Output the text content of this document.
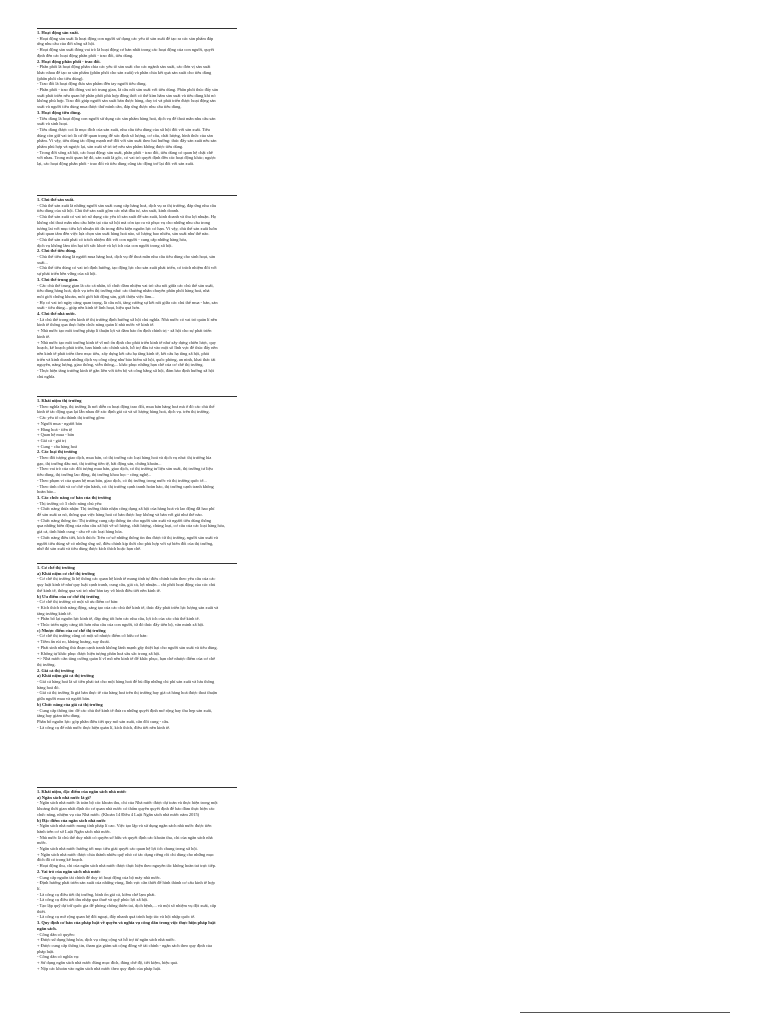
1. Hoạt động sản xuất.
- Hoạt động sản xuất là hoạt động con người sử dụng các yếu tố sản xuất để tạo ra các sản phẩm đáp
ứng nhu cầu của đời sống xã hội.
- Hoạt động sản xuất đóng vai trò là hoạt động cơ bản nhất trong các hoạt động của con người, quyết
định đến các hoạt động phân phối - trao đổi, tiêu dùng.
2. Hoạt động phân phối - trao đổi.
- Phân phối là hoạt động phân chia các yếu tố sản xuất cho các ngành sản xuất, các đơn vị sản xuất
khác nhau để tạo ra sản phẩm (phân phối cho sản xuất) và phân chia kết quả sản xuất cho tiêu dùng
(phân phối cho tiêu dùng).
- Trao đổi là hoạt động đưa sản phẩm đến tay người tiêu dùng.
- Phân phối - trao đổi đóng vai trò trung gian, là cầu nối sản xuất với tiêu dùng. Phân phối thúc đẩy sản
xuất phát triển nếu quan hệ phân phối phù hợp đồng thời có thể kìm hãm sản xuất và tiêu dùng khi nó
không phù hợp. Trao đổi giúp người sản xuất bán được hàng, duy trì và phát triển được hoạt động sản
xuất và người tiêu dùng mua được thứ mình cần, đáp ứng được nhu cầu tiêu dùng.
3. Hoạt động tiêu dùng.
- Tiêu dùng là hoạt động con người sử dụng các sản phẩm hàng hoá, dịch vụ để thoả mãn nhu cầu sản
xuất và sinh hoạt.
- Tiêu dùng được coi là mục đích của sản xuất, nhu cầu tiêu dùng của xã hội đối với sản xuất. Tiêu
dùng còn giữ vai trò là cứ để quan trọng để xác định số lượng, cơ cấu, chất lượng, hình thức của sản
phẩm. Vì vậy, tiêu dùng tác động mạnh mẽ đối với sản xuất theo hai hướng: thúc đẩy sản xuất nếu sản
phẩm phù hợp và ngược lại, sản xuất sẽ trì trệ nếu sản phẩm không được tiêu dùng.
- Trong đời sống xã hội, các hoạt động: sản xuất, phân phối - trao đổi, tiêu dùng có quan hệ chặt chẽ
với nhau. Trong mối quan hệ đó, sản xuất là gốc, có vai trò quyết định đến các hoạt động khác; ngược
lại, các hoạt động phân phối - trao đổi và tiêu dùng cũng tác động trở lại đối với sản xuất.
1. Chủ thể sản xuất.
- Chủ thể sản xuất là những người sản xuất cung cấp hàng hoá, dịch vụ ra thị trường, đáp ứng nhu cầu
tiêu dùng của xã hội. Chủ thể sản xuất gồm các nhà đầu tư, sản xuất, kinh doanh.
- Chủ thể sản xuất có vai trò sử dụng các yếu tố sản xuất để sản xuất, kinh doanh và thu lợi nhuận. Họ
không chỉ thoả mãn nhu cầu hiện tại của xã hội mà còn tạo ra và phục vụ cho những nhu cầu trong
tương lai với mục tiêu lợi nhuận tối đa trong điều kiện nguồn lực có hạn. Vì vậy, chủ thể sản xuất luôn
phải quan tâm đến việc lựa chọn sản xuất hàng hoá nào, số lượng bao nhiêu, sản xuất như thế nào.
- Chủ thể sản xuất phải có trách nhiệm đối với con người - cung cấp những hàng hóa,
dịch vụ không làm tổn hại tới sức khoẻ và lợi ích của con người trong xã hội.
2. Chủ thể tiêu dùng.
- Chủ thể tiêu dùng là người mua hàng hoá, dịch vụ để thoả mãn nhu cầu tiêu dùng cho sinh hoạt, sản
xuất...
- Chủ thể tiêu dùng có vai trò định hướng, tạo động lực cho sản xuất phát triển, có trách nhiệm đối với
sự phát triển bền vững của xã hội.
3. Chủ thể trung gian.
- Các chủ thể trung gian là các cá nhân, tổ chức đảm nhiệm vai trò cầu nối giữa các chủ thể sản xuất,
tiêu dùng hàng hoá, dịch vụ trên thị trường như: các thương nhân chuyên phân phối hàng hoá, nhà
môi giới chứng khoán, môi giới bất động sản, giới thiệu việc làm...
- Họ có vai trò ngày càng quan trọng, là cầu nối, tăng cường sự kết nối giữa các chủ thể mua - bán, sản
xuất - tiêu dùng... giúp nền kinh tế linh hoạt, hiệu quả hơn.
4. Chủ thể nhà nước.
- Là chủ thể trong nền kinh tế thị trường định hướng xã hội chủ nghĩa. Nhà nước có vai trò quản lí nền
kinh tế thông qua thực hiện chức năng quản lí nhà nước về kinh tế.
+ Nhà nước tạo môi trường pháp lí thuận lợi và đảm bảo ổn định chính trị - xã hội cho sự phát triển
kinh tế.
+ Nhà nước tạo môi trường kinh tế vĩ mô ổn định cho phát triển kinh tế như xây dựng chiến lược, quy
hoạch, kế hoạch phát triển, ban hành các chính sách, hỗ trợ đầu tư vào một số lĩnh vực để thúc đẩy nền
nền kinh tế phát triển theo mục tiêu, xây dựng kết cấu hạ tầng kinh tế, kết cấu hạ tầng xã hội, phát
triển và kinh doanh những dịch vụ công cộng như bảo hiểm xã hội, quốc phòng, an ninh, khai thác tài
nguyên, năng lượng, giao thông, viễn thông,... khắc phục những hạn chế của cơ chế thị trường.
- Thực hiện tăng trưởng kinh tế gắn liền với tiến bộ và công bằng xã hội, đảm bảo định hướng xã hội
chủ nghĩa.
1. Khái niệm thị trường
- Theo nghĩa hẹp, thị trường là nơi diễn ra hoạt động trao đổi, mua bán hàng hoá mà ở đó các chủ thể
kinh tế tác động qua lại lẫn nhau để xác định giá cả và số lượng hàng hoá, dịch vụ. trên thị trường.
- Các yếu tố cấu thành thị trường gồm:
+ Người mua - người bán
+ Hàng hoá - tiền tệ
+ Quan hệ mua - bán
+ Giá cả - giá trị
+ Cung - cầu hàng hoá
2. Các loại thị trường
- Theo đối tượng giao dịch, mua bán, có thị trường các loại hàng hoá và dịch vụ như: thị trường lúa
gạo, thị trường dầu mỏ, thị trường tiền tệ, bất động sản, chứng khoán...
- Theo vai trò của các đối tượng mua bán, giao dịch, có thị trường tư liệu sản xuất, thị trường tư liệu
tiêu dùng, thị trường lao động, thị trường khoa học - công nghệ...
- Theo phạm vi của quan hệ mua bán, giao dịch, có thị trường trong nước và thị trường quốc tế...
- Theo tính chất và cơ chế vận hành, có: thị trường cạnh tranh hoàn hảo, thị trường cạnh tranh không
hoàn hảo...
3. Các chức năng cơ bản của thị trường
- Thị trường có 3 chức năng chủ yếu:
+ Chức năng thừa nhận: Thị trường thừa nhận công dụng xã hội của hàng hoá và lao động đã hao phí
để sản xuất ra nó, thông qua việc hàng hoá có bán được hay không và bán với giá như thế nào.
+ Chức năng thông tin: Thị trường cung cấp thông tin cho người sản xuất và người tiêu dùng thông
qua những biến động của nhu cầu xã hội về số lượng, chất lượng, chủng loại, cơ cấu của các loại hàng hóa,
giá cả, tình hình cung - cầu về các loại hàng hóa.
+ Chức năng điều tiết, kích thích: Trên cơ sở những thông tin thu được từ thị trường, người sản xuất và
người tiêu dùng sẽ có những ứng xử, điều chỉnh kịp thời cho phù hợp với sự biến đổi của thị trường,
nhờ đó sản xuất và tiêu dùng được kích thích hoặc hạn chế.
1. Cơ chế thị trường
a) Khái niệm cơ chế thị trường
- Cơ chế thị trường là hệ thống các quan hệ kinh tế mang tính tự điều chỉnh tuân theo yêu cầu của các
quy luật kinh tế như quy luật cạnh tranh, cung cầu, giá cả, lợi nhuận... chi phối hoạt động của các chủ
thể kinh tế, thông qua vai trò như bàn tay vô hình điều tiết nền kinh tế.
b) Ưu điểm của cơ chế thị trường
- Cơ chế thị trường có một số ưu điểm cơ bản:
+ Kích thích tính năng động, sáng tạo của các chủ thể kinh tế, thúc đẩy phát triển lực lượng sản xuất và
tăng trưởng kinh tế.
+ Phân bổ lại nguồn lực kinh tế, đáp ứng tốt hơn các nhu cầu, lợi ích của các chủ thể kinh tế.
+ Thúc triển ngày càng tốt hơn nhu cầu của con người, từ đó thúc đẩy tiến bộ, văn minh xã hội.
c) Nhược điểm của cơ chế thị trường
- Cơ chế thị trường cũng có một số nhược điểm cố hữu cơ bản:
+ Tiềm ẩn rủi ro, khủng hoảng, suy thoái.
+ Phát sinh những thủ đoạn cạnh tranh không lành mạnh gây thiệt hại cho người sản xuất và tiêu dùng.
+ Không tự khắc phục được hiện tượng phân hoá sâu sắc trong xã hội.
=> Nhà nước cần tăng cường quản lí vĩ mô nền kinh tế để khắc phục, hạn chế nhược điểm của cơ chế
thị trường.
2. Giá cả thị trường
a) Khái niệm giá cả thị trường
- Giá cả hàng hoá là số tiền phải trả cho một hàng hoá để bù đắp những chi phí sản xuất và lưu thông
hàng hoá đó.
- Giá cả thị trường là giá bán thực tế của hàng hoá trên thị trường hay giá cả hàng hoá được thoả thuận
giữa người mua và người bán.
b) Chức năng của giá cả thị trường
- Cung cấp thông tin: để các chủ thể kinh tế đưa ra những quyết định mở rộng hay thu hẹp sản xuất,
tăng hay giảm tiêu dùng.
Phân bổ nguồn lực: góp phần điều tiết quy mô sản xuất, cân đối cung - cầu.
- Là công cụ để nhà nước thực hiện quản lí, kích thích, điều tiết nền kinh tế.
1. Khái niệm, đặc điểm của ngân sách nhà nước
a) Ngân sách nhà nước là gì?
- Ngân sách nhà nước là toàn bộ các khoản thu, chi của Nhà nước được dự toán và thực hiện trong một
khoảng thời gian nhất định do cơ quan nhà nước có thẩm quyền quyết định để bảo đảm thực hiện các
chức năng, nhiệm vụ của Nhà nước. (Khoản 14 Điều 4 Luật Ngân sách nhà nước năm 2015)
b) Đặc điểm của ngân sách nhà nước
- Ngân sách nhà nước mang tính pháp lí cao. Việc tạo lập và sử dụng ngân sách nhà nước được tiến
hành trên cơ sở Luật Ngân sách nhà nước.
- Nhà nước là chủ thể duy nhất có quyền sở hữu và quyết định các khoản thu, chi của ngân sách nhà
nước.
- Ngân sách nhà nước hướng tới mục tiêu giải quyết các quan hệ lợi ích chung trong xã hội.
+ Ngân sách nhà nước được chia thành nhiều quỹ nhỏ có tác dụng riêng rồi chi dùng cho những mục
đích đã có trong kế hoạch.
- Hoạt động thu, chi của ngân sách nhà nước được thực hiện theo nguyên tắc không hoàn trả trực tiếp.
2. Vai trò của ngân sách nhà nước
- Cung cấp nguồn tài chính để duy trì hoạt động của bộ máy nhà nước.
- Định hướng phát triển sản xuất của những vùng, lĩnh vực cần thiết để hình thành cơ cấu kinh tế hợp
lí.
- Là công cụ điều tiết thị trường, bình ổn giá cả, kiềm chế lạm phát.
- Là công cụ điều tiết thu nhập qua thuế và quỹ phúc lợi xã hội.
- Tạo lập quỹ dự trữ quốc gia để phòng chống thiên tai, dịch bệnh,... và một số nhiệm vụ đột xuất, cấp
thiết.
- Là công cụ mở rộng quan hệ đối ngoại, đẩy nhanh quá trình hợp tác và hội nhập quốc tế.
3. Quy định cơ bản của pháp luật về quyền và nghĩa vụ công dân trong việc thực hiện pháp luật
ngân sách.
- Công dân có quyền:
+ Được sử dụng hàng hóa, dịch vụ công cộng và hỗ trợ từ ngân sách nhà nước.
+ Được cung cấp thông tin, tham gia giám sát cộng đồng về tài chính - ngân sách theo quy định của
pháp luật.
- Công dân có nghĩa vụ:
+ Sử dụng ngân sách nhà nước đúng mục đích, đúng chế độ, tiết kiệm, hiệu quả.
+ Nộp các khoản vào ngân sách nhà nước theo quy định của pháp luật.
